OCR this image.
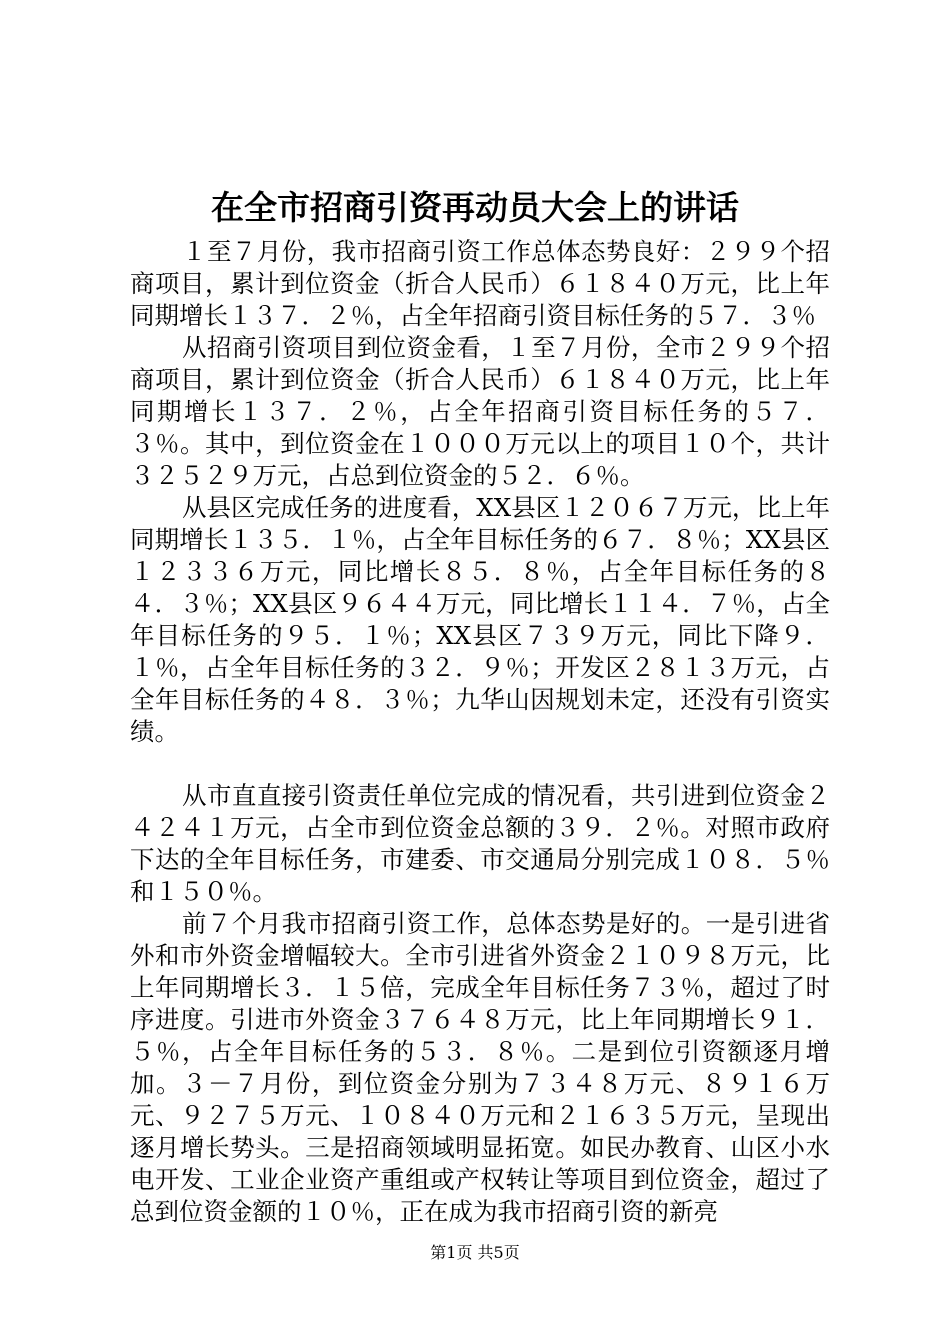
在全市招商引资再动员大会上的讲话

１至７月份，我市招商引资工作总体态势良好：２９９个招商项目，累计到位资金（折合人民币）６１８４０万元，比上年同期增长１３７．２％，占全年招商引资目标任务的５７．３％

从招商引资项目到位资金看，１至７月份，全市２９９个招商项目，累计到位资金（折合人民币）６１８４０万元，比上年同期增长１３７．２％，占全年招商引资目标任务的５７．３％。其中，到位资金在１０００万元以上的项目１０个，共计３２５２９万元，占总到位资金的５２．６％。

从县区完成任务的进度看，XX县区１２０６７万元，比上年同期增长１３５．１％，占全年目标任务的６７．８％；XX县区１２３３６万元，同比增长８５．８％，占全年目标任务的８４．３％；XX县区９６４４万元，同比增长１１４．７％，占全年目标任务的９５．１％；XX县区７３９万元，同比下降９．１％，占全年目标任务的３２．９％；开发区２８１３万元，占全年目标任务的４８．３％；九华山因规划未定，还没有引资实绩。

从市直直接引资责任单位完成的情况看，共引进到位资金２４２４１万元，占全市到位资金总额的３９．２％。对照市政府下达的全年目标任务，市建委、市交通局分别完成１０８．５％和１５０％。

前７个月我市招商引资工作，总体态势是好的。一是引进省外和市外资金增幅较大。全市引进省外资金２１０９８万元，比上年同期增长３．１５倍，完成全年目标任务７３％，超过了时序进度。引进市外资金３７６４８万元，比上年同期增长９１．５％，占全年目标任务的５３．８％。二是到位引资额逐月增加。３－７月份，到位资金分别为７３４８万元、８９１６万元、９２７５万元、１０８４０万元和２１６３５万元，呈现出逐月增长势头。三是招商领域明显拓宽。如民办教育、山区小水电开发、工业企业资产重组或产权转让等项目到位资金，超过了总到位资金额的１０％，正在成为我市招商引资的新亮

第1页 共5页
